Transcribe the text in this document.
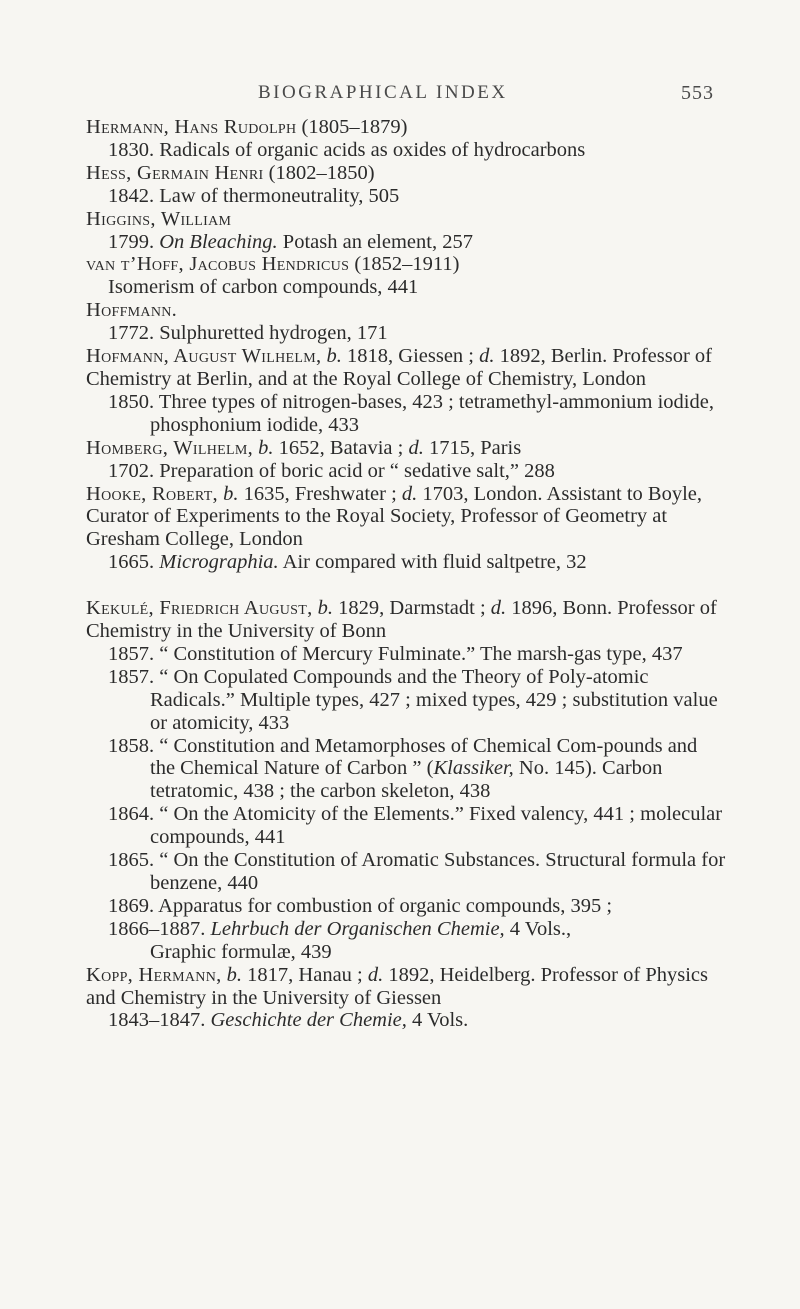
BIOGRAPHICAL INDEX	553
Hermann, Hans Rudolph (1805–1879)
1830. Radicals of organic acids as oxides of hydrocarbons
Hess, Germain Henri (1802–1850)
1842. Law of thermoneutrality, 505
Higgins, William
1799. On Bleaching. Potash an element, 257
van t’Hoff, Jacobus Hendricus (1852–1911)
Isomerism of carbon compounds, 441
Hoffmann.
1772. Sulphuretted hydrogen, 171
Hofmann, August Wilhelm, b. 1818, Giessen ; d. 1892, Berlin. Professor of Chemistry at Berlin, and at the Royal College of Chemistry, London
1850. Three types of nitrogen-bases, 423 ; tetramethyl-ammonium iodide, phosphonium iodide, 433
Homberg, Wilhelm, b. 1652, Batavia ; d. 1715, Paris
1702. Preparation of boric acid or “ sedative salt,” 288
Hooke, Robert, b. 1635, Freshwater ; d. 1703, London. Assistant to Boyle, Curator of Experiments to the Royal Society, Professor of Geometry at Gresham College, London
1665. Micrographia. Air compared with fluid saltpetre, 32
Kekulé, Friedrich August, b. 1829, Darmstadt ; d. 1896, Bonn. Professor of Chemistry in the University of Bonn
1857. “ Constitution of Mercury Fulminate.” The marsh-gas type, 437
1857. “ On Copulated Compounds and the Theory of Poly-atomic Radicals.” Multiple types, 427 ; mixed types, 429 ; substitution value or atomicity, 433
1858. “ Constitution and Metamorphoses of Chemical Com-pounds and the Chemical Nature of Carbon ” (Klassiker, No. 145). Carbon tetratomic, 438 ; the carbon skeleton, 438
1864. “ On the Atomicity of the Elements.” Fixed valency, 441 ; molecular compounds, 441
1865. “ On the Constitution of Aromatic Substances. Structural formula for benzene, 440
1869. Apparatus for combustion of organic compounds, 395 ;
1866–1887. Lehrbuch der Organischen Chemie, 4 Vols.,
Graphic formulæ, 439
Kopp, Hermann, b. 1817, Hanau ; d. 1892, Heidelberg. Professor of Physics and Chemistry in the University of Giessen
1843–1847. Geschichte der Chemie, 4 Vols.
